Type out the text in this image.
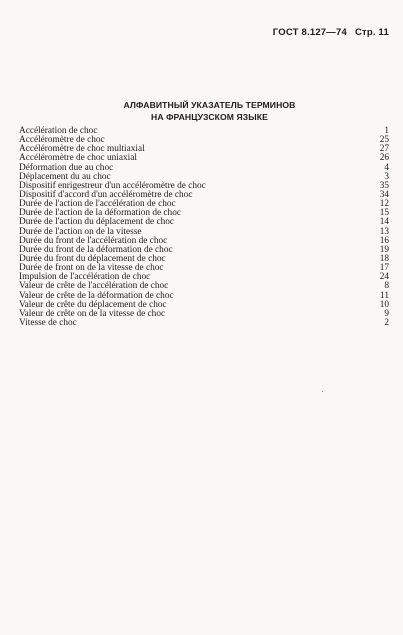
ГОСТ 8.127—74 Стр. 11
АЛФАВИТНЫЙ УКАЗАТЕЛЬ ТЕРМИНОВ
НА ФРАНЦУЗСКОМ ЯЗЫКЕ
Accélération de choc	1
Accéléromètre de choc	25
Accéléromètre de choc multiaxial	27
Accéléromètre de choc uniaxial	26
Déformation due au choc	4
Déplacement du au choc	3
Dispositif enrigestreur d'un accéléromètre de choc	35
Dispositif d'accord d'un accéléromètre de choc	34
Durée de l'action de l'accélération de choc	12
Durée de l'action de la déformation de choc	15
Durée de l'action du déplacement de choc	14
Durée de l'action on de la vitesse	13
Durée du front de l'accélération de choc	16
Durée du front de la déformation de choc	19
Durée du front du déplacement de choc	18
Durée de front on de la vitesse de choc	17
Impulsion de l'accélération de choc	24
Valeur de crête de l'accélération de choc	8
Valeur de crête de la déformation de choc	11
Valeur de crête du déplacement de choc	10
Valeur de crête on de la vitesse de choc	9
Vitesse de choc	2
